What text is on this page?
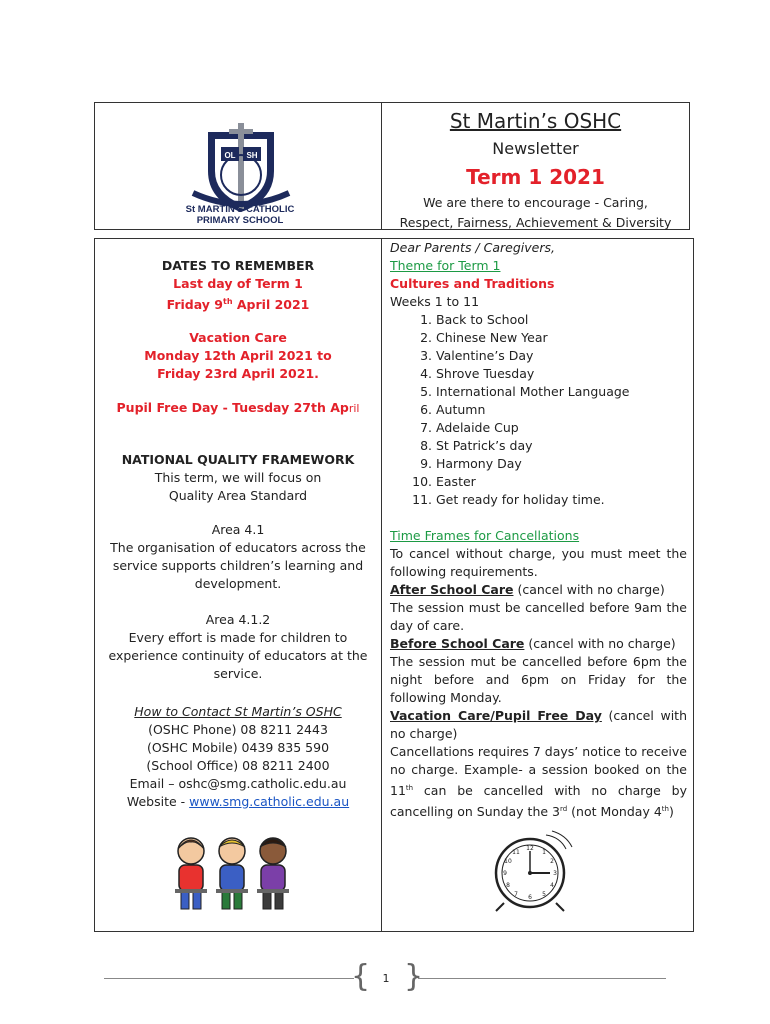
OL SH
St MARTIN'S CATHOLIC
PRIMARY SCHOOL
St Martin’s OSHC
Newsletter
Term 1 2021
We are there to encourage - Caring,
Respect, Fairness, Achievement & Diversity
DATES TO REMEMBER
Last day of Term 1
Friday 9th April 2021
Vacation Care
Monday 12th April 2021 to
Friday 23rd April 2021.
Pupil Free Day - Tuesday 27th April
NATIONAL QUALITY FRAMEWORK
This term, we will focus on
Quality Area Standard
Area 4.1
The organisation of educators across the service supports children’s learning and development.
Area 4.1.2
Every effort is made for children to experience continuity of educators at the service.
How to Contact St Martin’s OSHC
(OSHC Phone) 08 8211 2443
(OSHC Mobile) 0439 835 590
(School Office) 08 8211 2400
Email – oshc@smg.catholic.edu.au
Website - www.smg.catholic.edu.au
Dear Parents / Caregivers,
Theme for Term 1
Cultures and Traditions
Weeks 1 to 11
1. Back to School
2. Chinese New Year
3. Valentine’s Day
4. Shrove Tuesday
5. International Mother Language
6. Autumn
7. Adelaide Cup
8. St Patrick’s day
9. Harmony Day
10. Easter
11. Get ready for holiday time.
Time Frames for Cancellations
To cancel without charge, you must meet the following requirements.
After School Care (cancel with no charge)
The session must be cancelled before 9am the day of care.
Before School Care (cancel with no charge)
The session mut be cancelled before 6pm the night before and 6pm on Friday for the following Monday.
Vacation Care/Pupil Free Day (cancel with no charge)
Cancellations requires 7 days’ notice to receive no charge. Example- a session booked on the 11th can be cancelled with no charge by cancelling on Sunday the 3rd (not Monday 4th)
12
1
2
3
4
5
6
7
8
9
10
11
{ }
1
